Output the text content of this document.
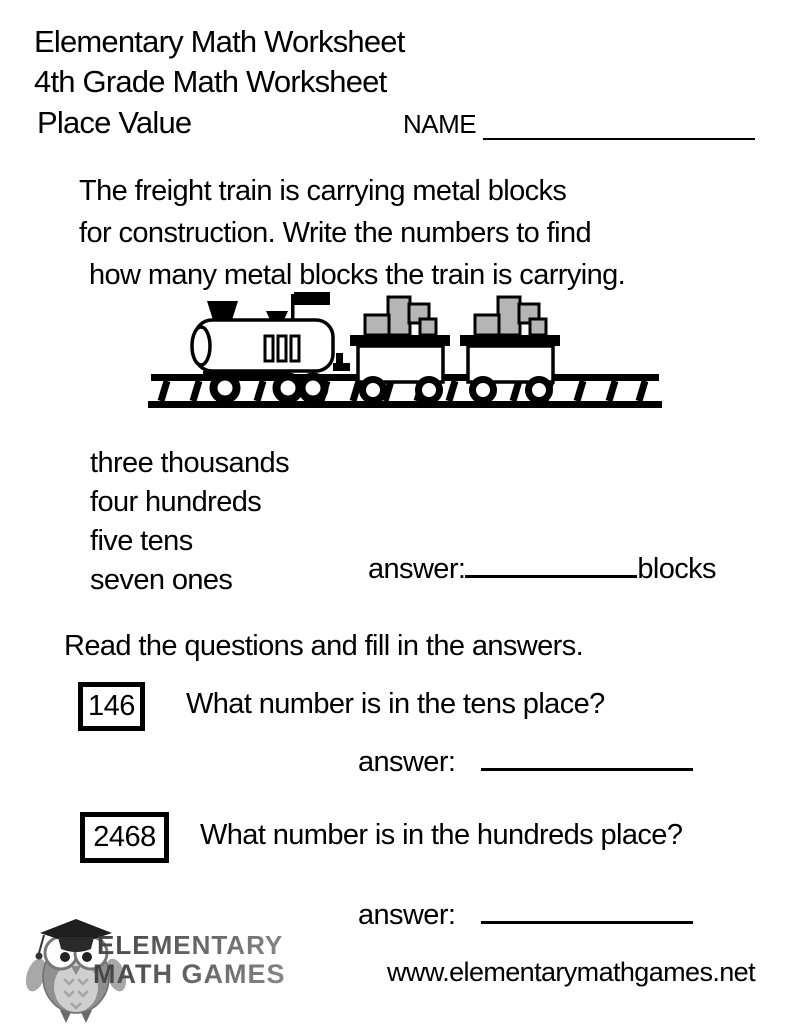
Elementary Math Worksheet
4th Grade Math Worksheet
Place Value	NAME
The freight train is carrying metal blocks
for construction. Write the numbers to find
how many metal blocks the train is carrying.
three thousands
four hundreds
five tens
seven ones	answer:	blocks
Read the questions and fill in the answers.
146 What number is in the tens place?
answer:
2468 What number is in the hundreds place?
answer:
ELEMENTARY
MATH GAMES	www.elementarymathgames.net
